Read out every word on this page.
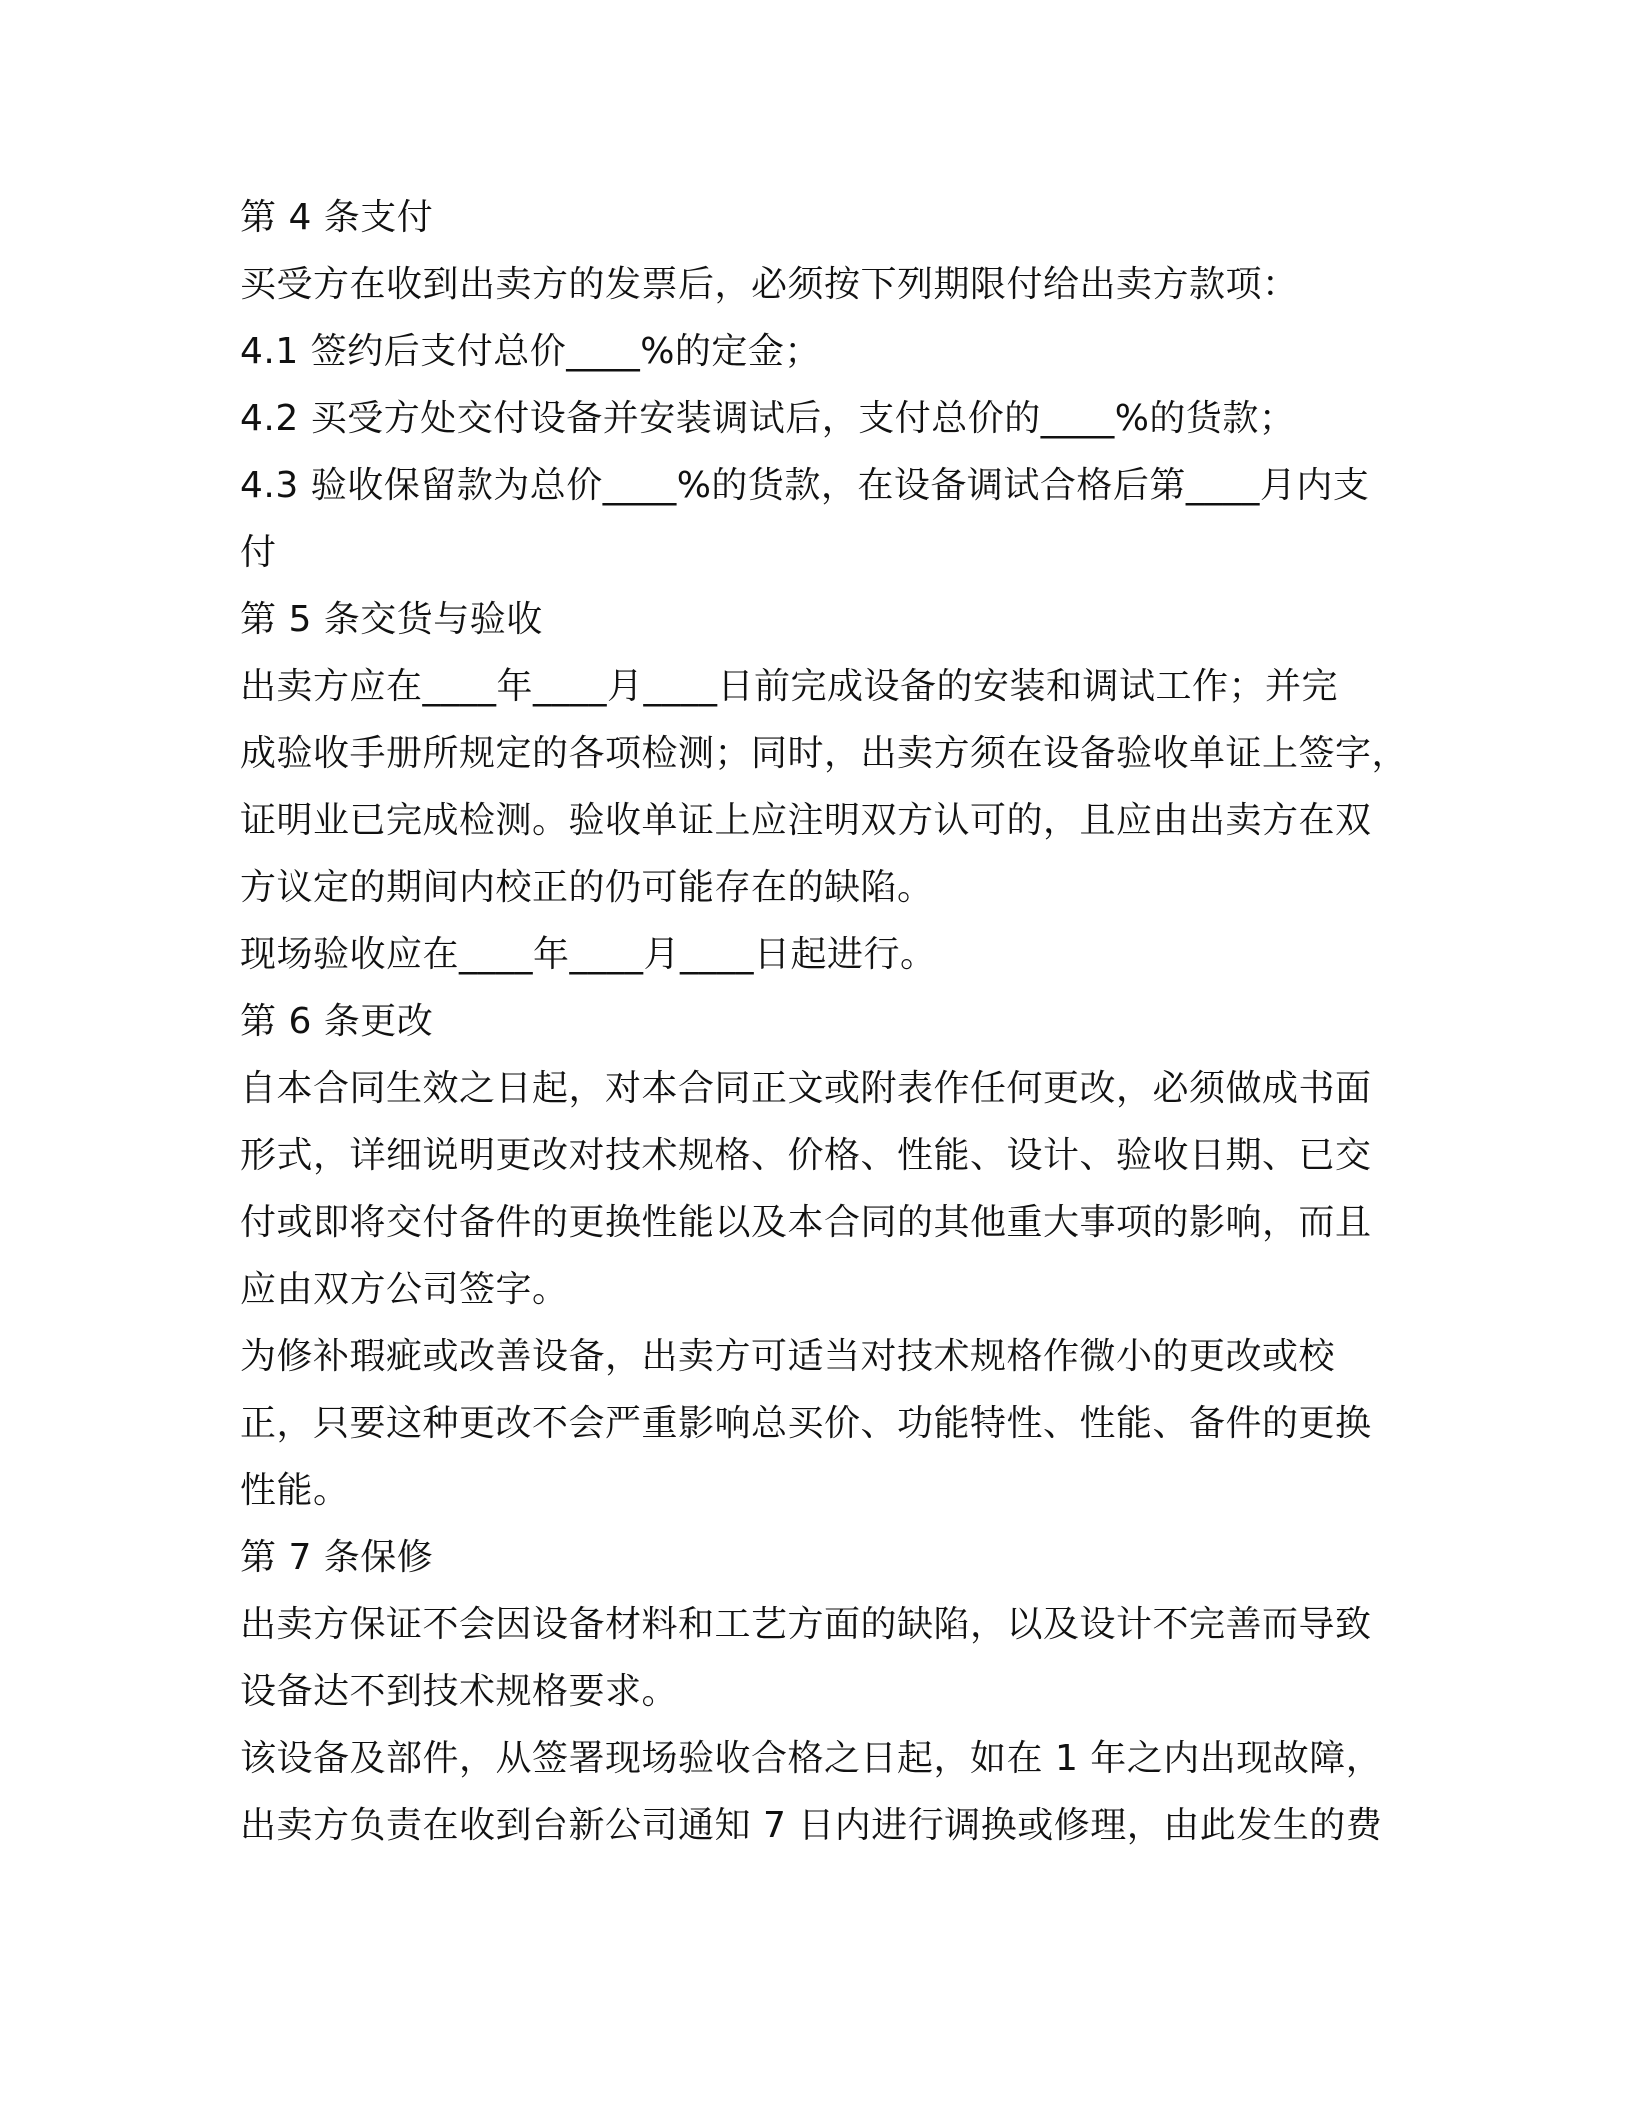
第 4 条支付
买受方在收到出卖方的发票后，必须按下列期限付给出卖方款项：
4.1 签约后支付总价____%的定金；
4.2 买受方处交付设备并安装调试后，支付总价的____%的货款；
4.3 验收保留款为总价____%的货款，在设备调试合格后第____月内支
付
第 5 条交货与验收
出卖方应在____年____月____日前完成设备的安装和调试工作；并完
成验收手册所规定的各项检测；同时，出卖方须在设备验收单证上签字，
证明业已完成检测。验收单证上应注明双方认可的，且应由出卖方在双
方议定的期间内校正的仍可能存在的缺陷。
现场验收应在____年____月____日起进行。
第 6 条更改
自本合同生效之日起，对本合同正文或附表作任何更改，必须做成书面
形式，详细说明更改对技术规格、价格、性能、设计、验收日期、已交
付或即将交付备件的更换性能以及本合同的其他重大事项的影响，而且
应由双方公司签字。
为修补瑕疵或改善设备，出卖方可适当对技术规格作微小的更改或校
正，只要这种更改不会严重影响总买价、功能特性、性能、备件的更换
性能。
第 7 条保修
出卖方保证不会因设备材料和工艺方面的缺陷，以及设计不完善而导致
设备达不到技术规格要求。
该设备及部件，从签署现场验收合格之日起，如在 1 年之内出现故障，
出卖方负责在收到台新公司通知 7 日内进行调换或修理，由此发生的费
